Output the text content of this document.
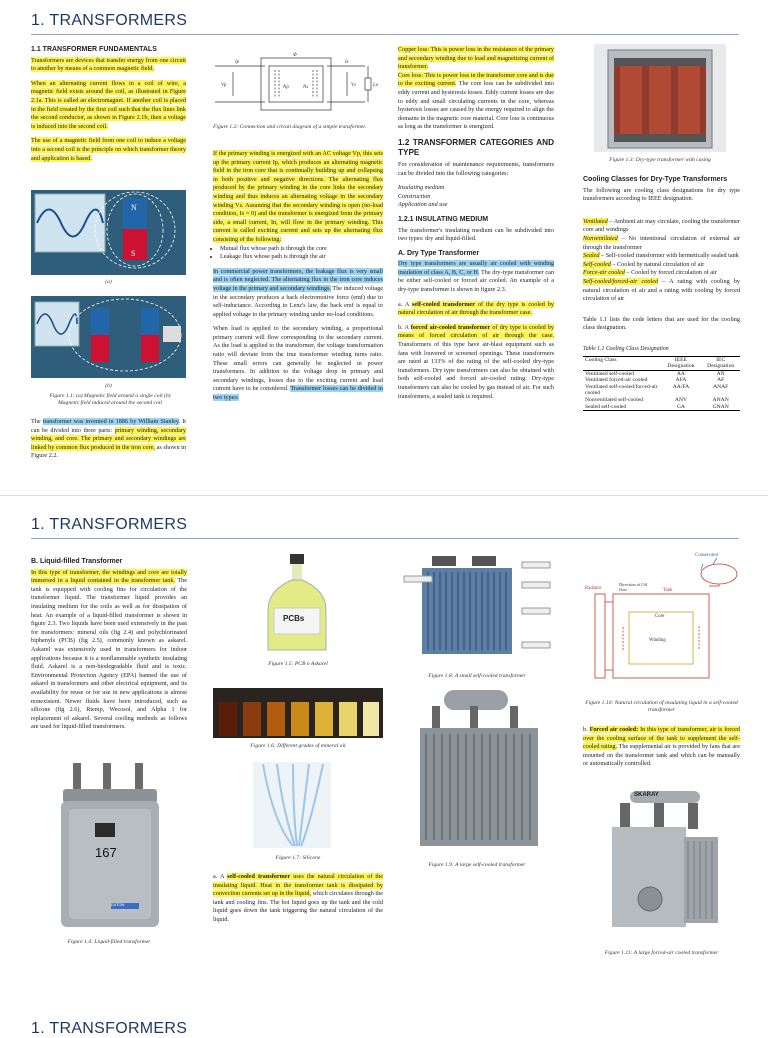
1. TRANSFORMERS
1.1 TRANSFORMER FUNDAMENTALS

Transformers are devices that transfer energy from one circuit to another by means of a common magnetic field.

When an alternating current flows in a coil of wire, a magnetic field exists around the coil, as illustrated in Figure 2.1a. This is called an electromagnet. If another coil is placed in the field created by the first coil such that the flux lines link the second conductor, as shown in Figure 2.1b, then a voltage is induced into the second coil.

The use of a magnetic field from one coil to induce a voltage into a second coil is the principle on which transformer theory and application is based.

N
S
(a)
(b)
Figure 1.1: (a) Magnetic field around a single coil (b) Magnetic field induced around the second coil

The transformer was invented in 1886 by William Stanley. It can be divided into three parts: primary winding, secondary winding, and core. The primary and secondary windings are linked by common flux produced in the iron core, as shown in Figure 2.2.

Ip	Is
Vp	Vs
Np	Ns
Φ
Lo
Figure 1.2: Connection and circuit diagram of a simple transformer.

If the primary winding is energized with an AC voltage Vp, this sets up the primary current Ip, which produces an alternating magnetic field in the iron core that is continually building up and collapsing in both positive and negative directions. The alternating flux produced by the primary winding in the core links the secondary winding and thus induces an alternating voltage in the secondary winding Vs. Assuming that the secondary winding is open (no-load condition, Is = 0) and the transformer is energized from the primary side, a small current, In, will flow in the primary winding. This current is called exciting current and sets up the alternating flux consisting of the following:

• Mutual flux whose path is through the core
• Leakage flux whose path is through the air

In commercial power transformers, the leakage flux is very small and is often neglected. The alternating flux in the iron core induces voltage in the primary and secondary windings. The induced voltage in the secondary produces a back electromotive force (emf) due to self-inductance. According to Lenz's law, the back emf is equal to applied voltage to the primary winding under no-load conditions.

When load is applied to the secondary winding, a proportional primary current will flow corresponding to the secondary current. As the load is applied to the transformer, the voltage transformation ratio will deviate from the true transformer winding turns ratio. These small errors can generally be neglected in power transformers. In addition to the voltage drop in primary and secondary windings, losses due to the exciting current and load current have to be considered. Transformer losses can be divided in two types:

Copper loss: This is power loss in the resistance of the primary and secondary winding due to load and magnetizing current of transformer.

Core loss: This is power loss in the transformer core and is due to the exciting current. The core loss can be subdivided into eddy current and hysteresis losses. Eddy current losses are due to eddy and small circulating currents in the core, whereas hysteresis losses are caused by the energy required to align the domains in the magnetic core material. Core loss is continuous as long as the transformer is energized.

1.2 TRANSFORMER CATEGORIES AND TYPE

For consideration of maintenance requirements, transformers can be divided into the following categories:

Insulating medium
Construction
Application and use
1.2.1 INSULATING MEDIUM

The transformer's insulating medium can be subdivided into two types: dry and liquid-filled.

A. Dry Type Transformer

Dry type transformers are usually air cooled with winding insulation of class A, B, C, or H. The dry-type transformer can be either self-cooled or forced air cooled. An example of a dry-type transformer is shown in figure 2.3.

a. A self-cooled transformer of the dry type is cooled by natural circulation of air through the transformer case.

b. A forced air-cooled transformer of dry type is cooled by means of forced circulation of air through the case. Transformers of this type have air-blast equipment such as fans with louvered or screened openings. These transformers are rated at 133% of the rating of the self-cooled dry-type transformers. Dry type transformers can also be obtained with both self-cooled and forced air-cooled rating. Dry-type transformers can also be cooled by gas instead of air. For such transformers, a sealed tank is required.

Figure 1.3: Dry-type transformer with casing
Cooling Classes for Dry-Type Transformers

The following are cooling class designations for dry type transformers according to IEEE designation.

Ventilated – Ambient air may circulate, cooling the transformer core and windings
Nonventilated – No intentional circulation of external air through the transformer
Sealed – Self-cooled transformer with hermetically sealed tank
Self-cooled – Cooled by natural circulation of air
Force-air cooled – Cooled by forced circulation of air
Self-cooled/forced-air cooled – A rating with cooling by natural circulation of air and a rating with cooling by forced circulation of air

Table 1.1 lists the code letters that are used for the cooling class designation.

Table 1.1 Cooling Class Designation
Cooling Class	IEEE Designation	IEC Designation
Ventilated self-cooled	AA	AN
Ventilated forced-air cooled	AFA	AF
Ventilated self-cooled/forced-air cooled	AA/FA	ANAF
Nonventilated self-cooled	ANV	ANAN
Sealed self-cooled	GA	GNAN
1. TRANSFORMERS
B. Liquid-filled Transformer

In this type of transformer, the windings and core are totally immersed in a liquid contained in the transformer tank. The tank is equipped with cooling fins for circulation of the transformer liquid. The transformer liquid provides an insulating medium for the coils as well as for dissipation of heat. An example of a liquid-filled transformer is shown in figure 2.3. Two liquids have been used extensively in the past for transformers: mineral oils (fig 2.4) and polychlorinated biphenyls (PCB) (fig 2.5), commonly known as askarel. Askarel was extensively used in transformers for indoor applications because it is a nonflammable synthetic insulating fluid. Askarel is a non-biodegradable fluid and is toxic. Environmental Protection Agency (EPA) banned the use of askarel in transformers and other electrical equipment, and its availability for reuse or for use in new applications is almost nonexistent. Newer fluids have been introduced, such as silicone (fig 2.6), Rtemp, Wecosol, and Alpha 1 for replacement of askarel. Several cooling methods as follows are used for liquid-filled transformers.

167
EATON
Figure 1.4: Liquid-filled transformer
PCBs
Figure 1.5: PCB n Askarel
Figure 1.6: Different grades of mineral oil
Figure 1.7: Silicone

a. A self-cooled transformer uses the natural circulation of the insulating liquid. Heat in the transformer tank is dissipated by convection currents set up in the liquid, which circulates through the tank and cooling fins. The hot liquid goes up the tank and the cold liquid goes down the tank triggering the natural circulation of the liquid.

Figure 1.8: A small self-cooled transformer
Figure 1.9: A large self-cooled transformer
Conservator
Radiator
Direction of Oil flow	Tank
Core
Winding
Figure 1.10: Natural circulation of insulating liquid in a self-cooled transformer

b. Forced air cooled: In this type of transformer, air is forced over the cooling surface of the tank to supplement the self-cooled rating. The supplemental air is provided by fans that are mounted on the transformer tank and which can be manually or automatically controlled.

SKARAY
Figure 1.11: A large forced-air cooled transformer
1. TRANSFORMERS
